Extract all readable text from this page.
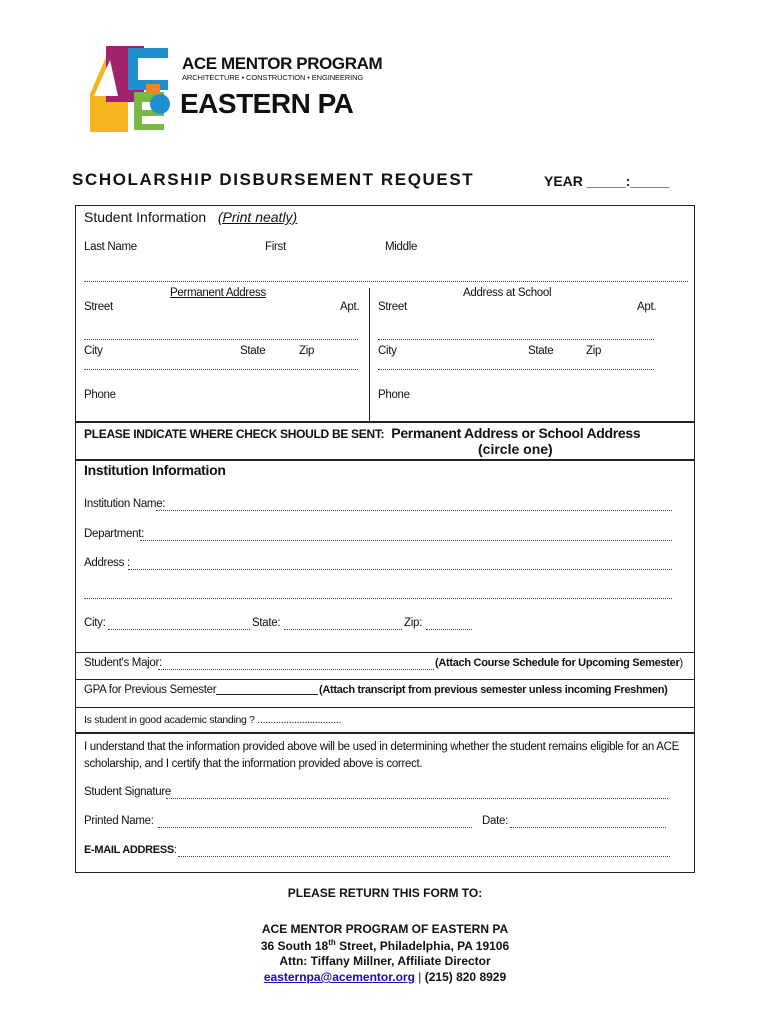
ACE MENTOR PROGRAM
ARCHITECTURE • CONSTRUCTION • ENGINEERING
EASTERN PA
SCHOLARSHIP DISBURSEMENT REQUEST	YEAR _____:_____
Student Information (Print neatly)
Last Name	First	Middle
Permanent Address	Address at School
Street	Apt. Street	Apt.
City	State	Zip	City	State	Zip
Phone	Phone
PLEASE INDICATE WHERE CHECK SHOULD BE SENT: Permanent Address or School Address
(circle one)
Institution Information
Institution Name:
Department:
Address :
City:	State:	Zip:
Student's Major:	(Attach Course Schedule for Upcoming Semester)
GPA for Previous Semester	(Attach transcript from previous semester unless incoming Freshmen)
Is student in good academic standing ? ................................
I understand that the information provided above will be used in determining whether the student remains eligible for an ACE scholarship, and I certify that the information provided above is correct.
Student Signature
Printed Name:	Date:
E-MAIL ADDRESS:
PLEASE RETURN THIS FORM TO:
ACE MENTOR PROGRAM OF EASTERN PA
36 South 18th Street, Philadelphia, PA 19106
Attn: Tiffany Millner, Affiliate Director
easternpa@acementor.org | (215) 820 8929
